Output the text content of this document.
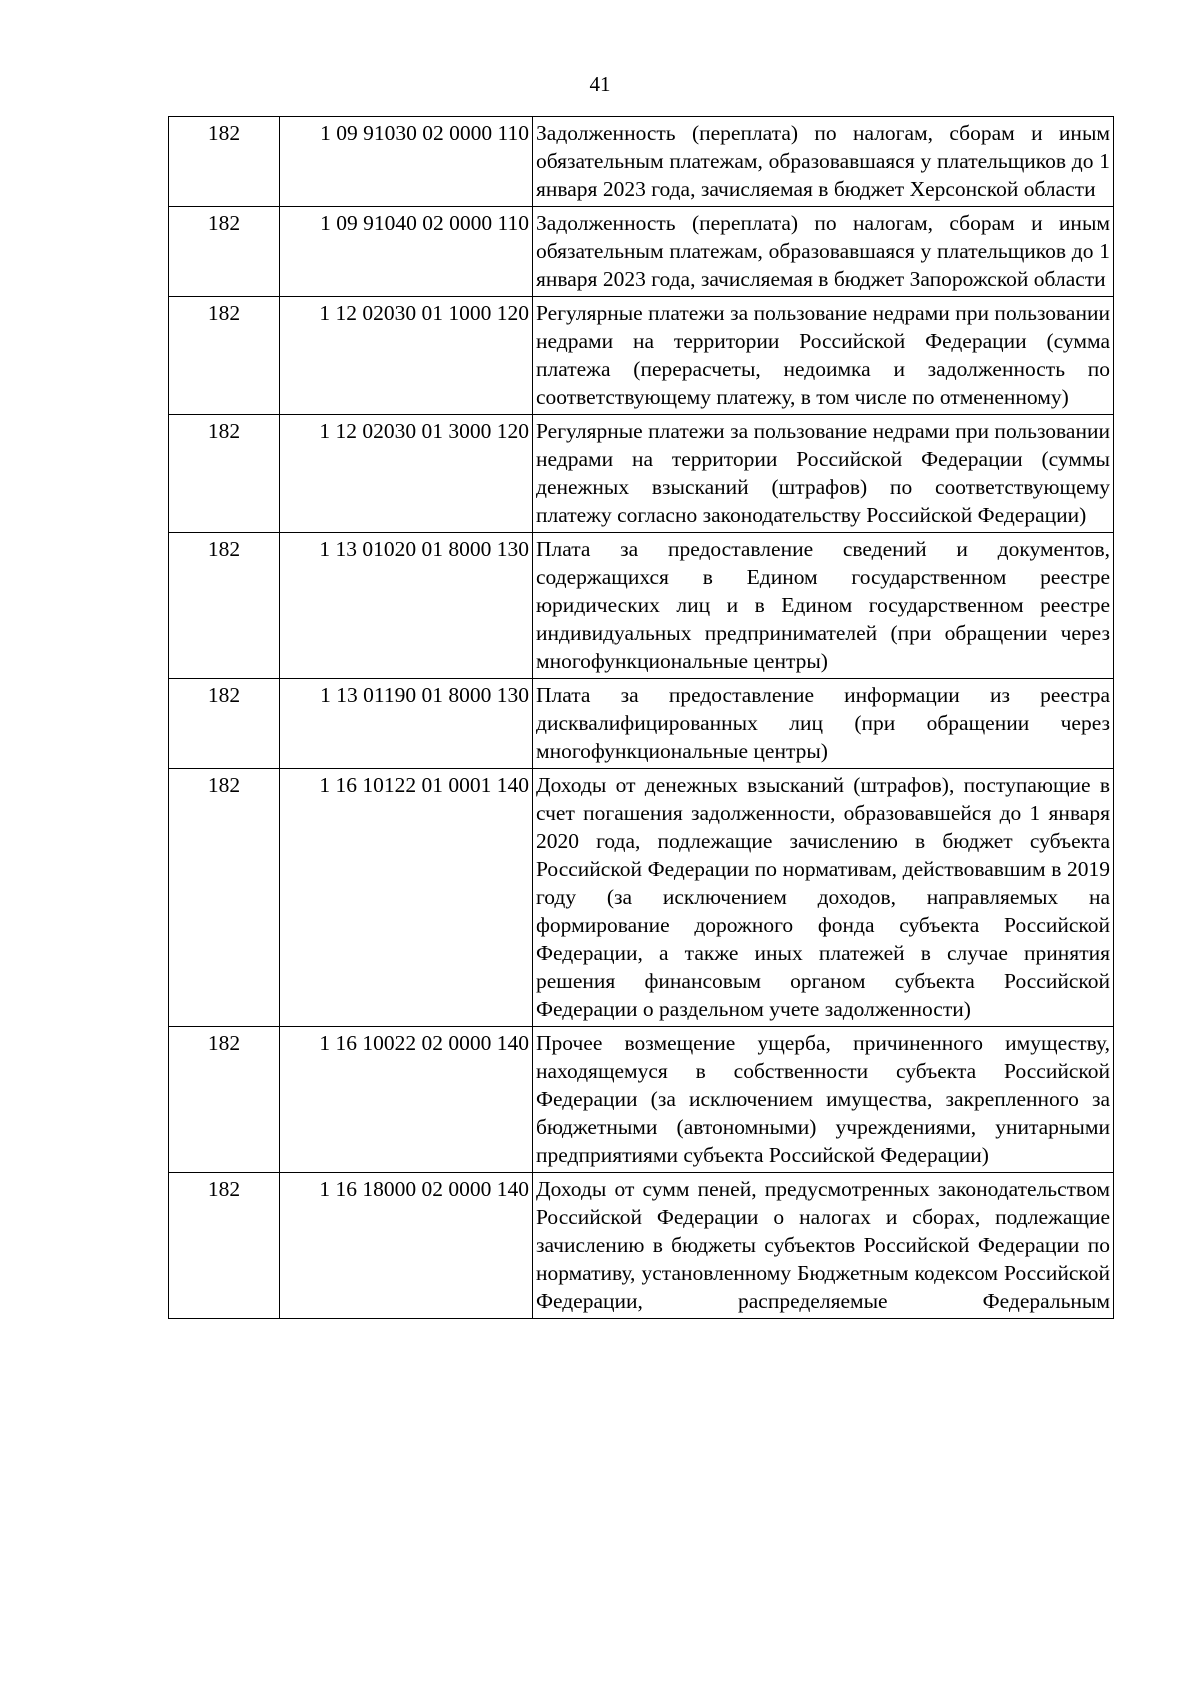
41
182	1 09 91030 02 0000 110	Задолженность (переплата) по налогам, сборам и иным обязательным платежам, образовавшаяся у плательщиков до 1 января 2023 года, зачисляемая в бюджет Херсонской области
182	1 09 91040 02 0000 110	Задолженность (переплата) по налогам, сборам и иным обязательным платежам, образовавшаяся у плательщиков до 1 января 2023 года, зачисляемая в бюджет Запорожской области
182	1 12 02030 01 1000 120	Регулярные платежи за пользование недрами при пользовании недрами на территории Российской Федерации (сумма платежа (перерасчеты, недоимка и задолженность по соответствующему платежу, в том числе по отмененному)
182	1 12 02030 01 3000 120	Регулярные платежи за пользование недрами при пользовании недрами на территории Российской Федерации (суммы денежных взысканий (штрафов) по соответствующему платежу согласно законодательству Российской Федерации)
182	1 13 01020 01 8000 130	Плата за предоставление сведений и документов, содержащихся в Едином государственном реестре юридических лиц и в Едином государственном реестре индивидуальных предпринимателей (при обращении через многофункциональные центры)
182	1 13 01190 01 8000 130	Плата за предоставление информации из реестра дисквалифицированных лиц (при обращении через многофункциональные центры)
182	1 16 10122 01 0001 140	Доходы от денежных взысканий (штрафов), поступающие в счет погашения задолженности, образовавшейся до 1 января 2020 года, подлежащие зачислению в бюджет субъекта Российской Федерации по нормативам, действовавшим в 2019 году (за исключением доходов, направляемых на формирование дорожного фонда субъекта Российской Федерации, а также иных платежей в случае принятия решения финансовым органом субъекта Российской Федерации о раздельном учете задолженности)
182	1 16 10022 02 0000 140	Прочее возмещение ущерба, причиненного имуществу, находящемуся в собственности субъекта Российской Федерации (за исключением имущества, закрепленного за бюджетными (автономными) учреждениями, унитарными предприятиями субъекта Российской Федерации)
182	1 16 18000 02 0000 140	Доходы от сумм пеней, предусмотренных законодательством Российской Федерации о налогах и сборах, подлежащие зачислению в бюджеты субъектов Российской Федерации по нормативу, установленному Бюджетным кодексом Российской Федерации, распределяемые Федеральным
